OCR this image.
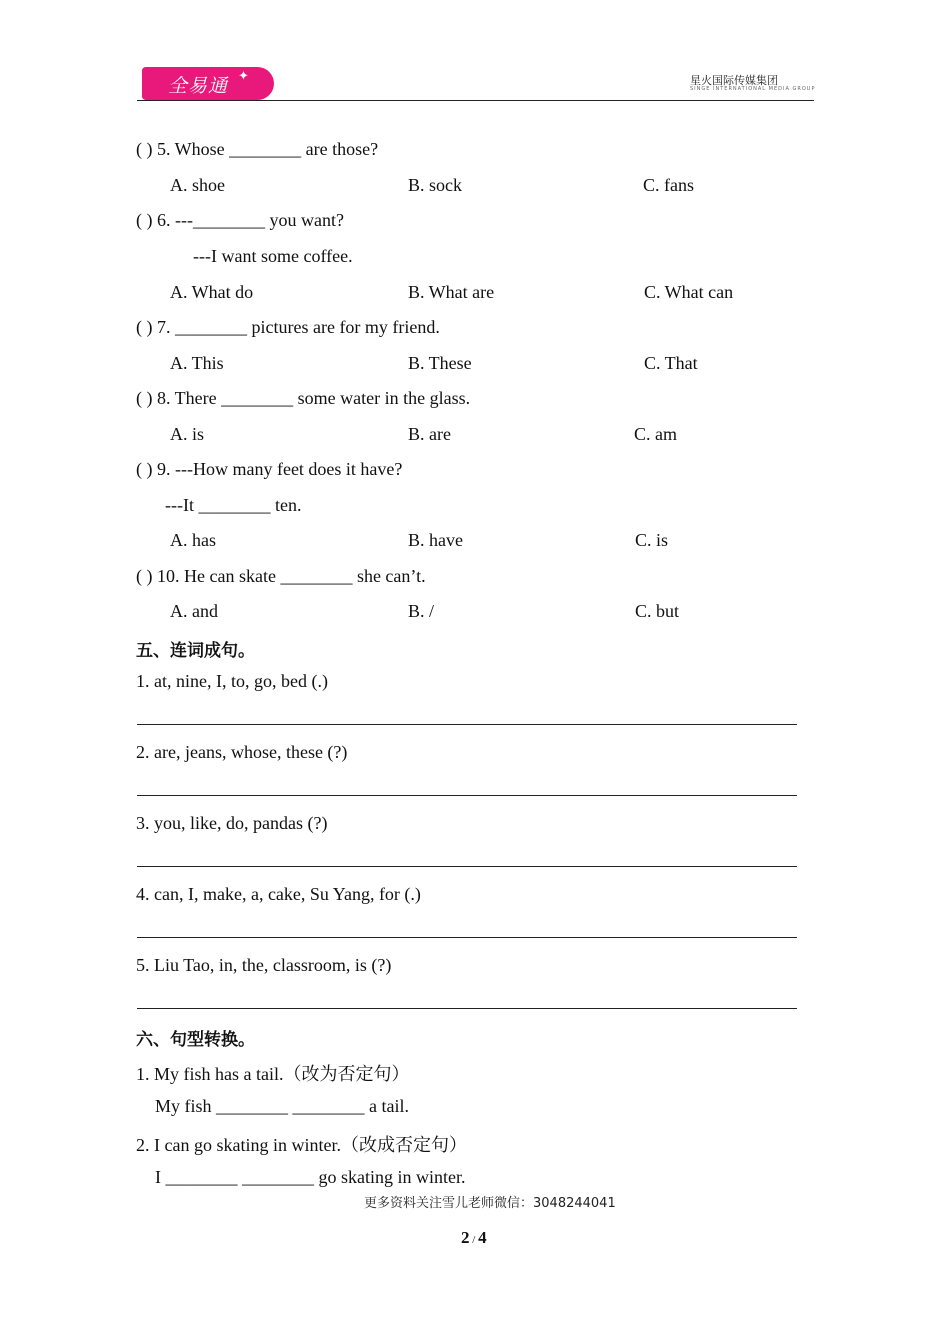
全易通 ✦	星火国际传媒集团
SINGE INTERNATIONAL MEDIA GROUP
( ) 5. Whose ________ are those?
A. shoe	B. sock	C. fans
( ) 6. ---________ you want?
---I want some coffee.
A. What do	B. What are	C. What can
( ) 7. ________ pictures are for my friend.
A. This	B. These	C. That
( ) 8. There ________ some water in the glass.
A. is	B. are	C. am
( ) 9. ---How many feet does it have?
---It ________ ten.
A. has	B. have	C. is
( ) 10. He can skate ________ she can’t.
A. and	B. /	C. but
五、连词成句。
1. at, nine, I, to, go, bed (.)
2. are, jeans, whose, these (?)
3. you, like, do, pandas (?)
4. can, I, make, a, cake, Su Yang, for (.)
5. Liu Tao, in, the, classroom, is (?)
六、句型转换。
1. My fish has a tail.（改为否定句）
My fish ________ ________ a tail.
2. I can go skating in winter.（改成否定句）
I ________ ________ go skating in winter.
更多资料关注雪儿老师微信：3048244041
2 / 4
